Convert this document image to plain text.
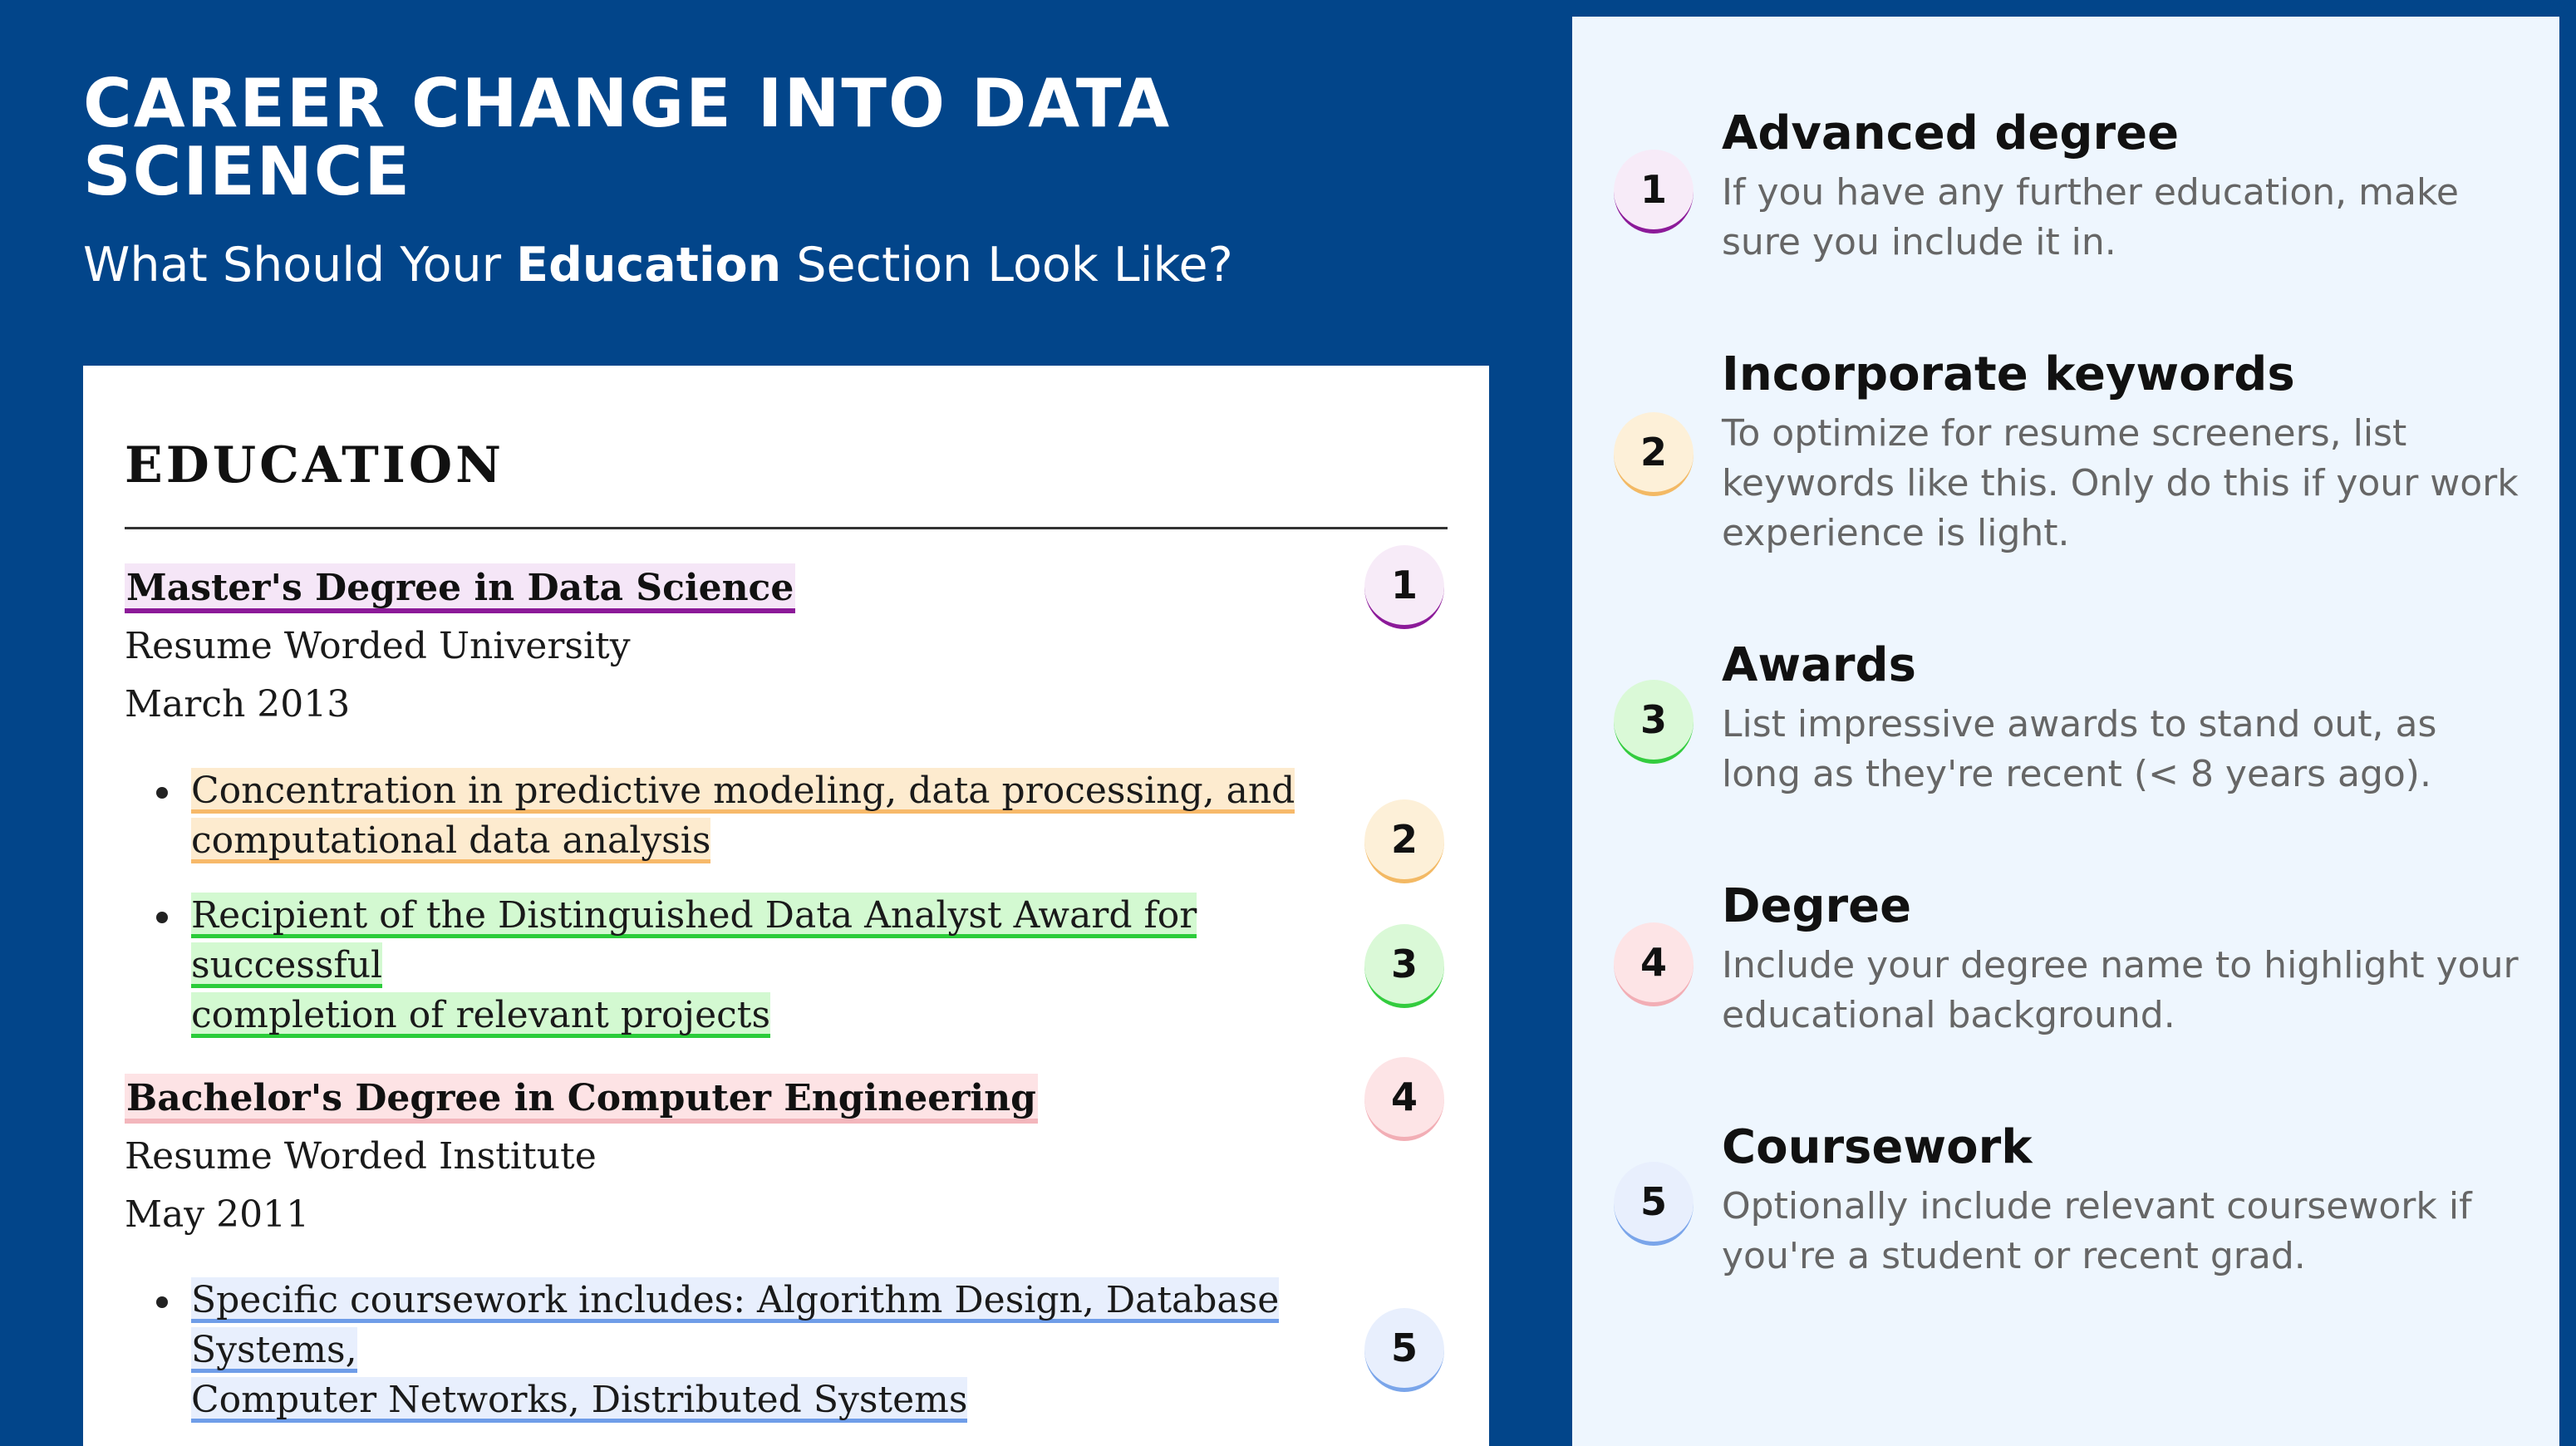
CAREER CHANGE INTO DATA SCIENCE

What Should Your Education Section Look Like?

EDUCATION
Master's Degree in Data Science
Resume Worded University
March 2013
Concentration in predictive modeling, data processing, and
computational data analysis
Recipient of the Distinguished Data Analyst Award for successful
completion of relevant projects
Bachelor's Degree in Computer Engineering
Resume Worded Institute
May 2011
Specific coursework includes: Algorithm Design, Database Systems,
Computer Networks, Distributed Systems
1
2
3
4
5
1
Advanced degree

If you have any further education, make sure you include it in.

2
Incorporate keywords

To optimize for resume screeners, list keywords like this. Only do this if your work experience is light.

3
Awards

List impressive awards to stand out, as long as they're recent (< 8 years ago).

4
Degree

Include your degree name to highlight your educational background.

5
Coursework

Optionally include relevant coursework if you're a student or recent grad.
